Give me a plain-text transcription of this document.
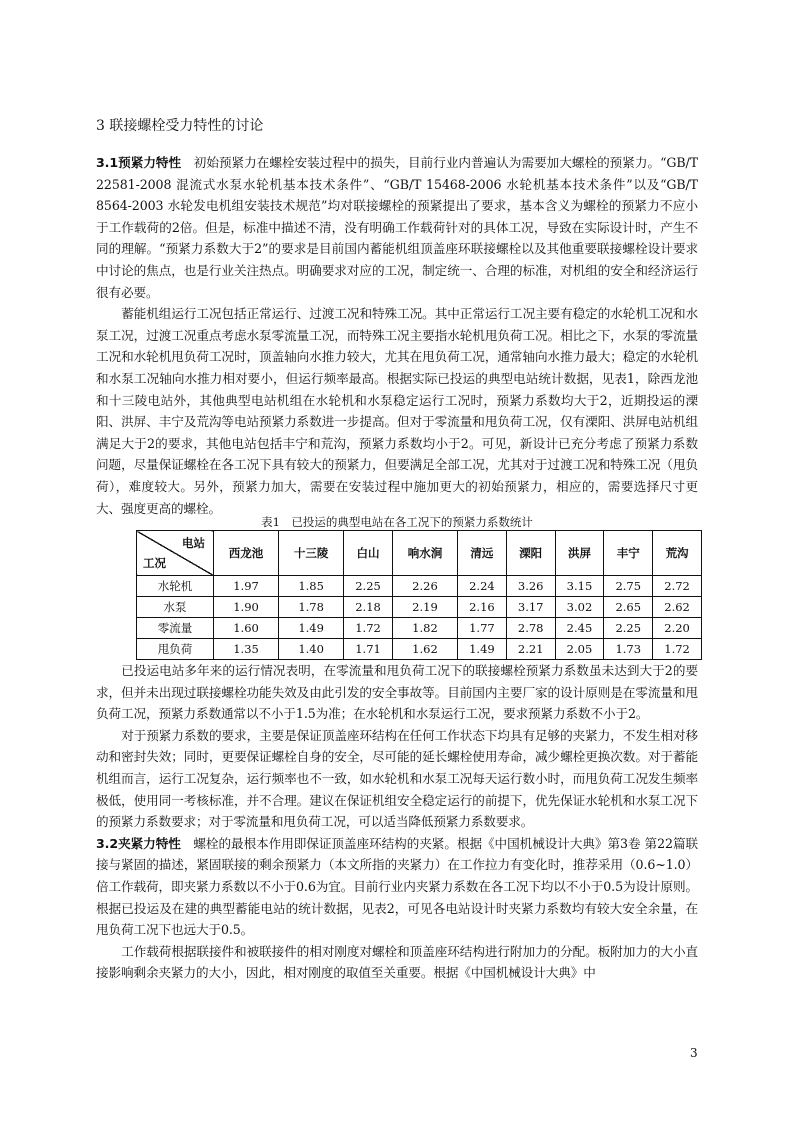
3 联接螺栓受力特性的讨论

3.1预紧力特性　 初始预紧力在螺栓安装过程中的损失，目前行业内普遍认为需要加大螺栓的预紧力。“GB/T 22581-2008 混流式水泵水轮机基本技术条件”、“GB/T 15468-2006 水轮机基本技术条件”以及“GB/T 8564-2003 水轮发电机组安装技术规范”均对联接螺栓的预紧提出了要求，基本含义为螺栓的预紧力不应小于工作载荷的2倍。但是，标准中描述不清，没有明确工作载荷针对的具体工况，导致在实际设计时，产生不同的理解。“预紧力系数大于2”的要求是目前国内蓄能机组顶盖座环联接螺栓以及其他重要联接螺栓设计要求中讨论的焦点，也是行业关注热点。明确要求对应的工况，制定统一、合理的标准，对机组的安全和经济运行很有必要。

蓄能机组运行工况包括正常运行、过渡工况和特殊工况。其中正常运行工况主要有稳定的水轮机工况和水泵工况，过渡工况重点考虑水泵零流量工况，而特殊工况主要指水轮机甩负荷工况。相比之下，水泵的零流量工况和水轮机甩负荷工况时，顶盖轴向水推力较大，尤其在甩负荷工况，通常轴向水推力最大；稳定的水轮机和水泵工况轴向水推力相对要小，但运行频率最高。根据实际已投运的典型电站统计数据，见表1，除西龙池和十三陵电站外，其他典型电站机组在水轮机和水泵稳定运行工况时，预紧力系数均大于2，近期投运的溧阳、洪屏、丰宁及荒沟等电站预紧力系数进一步提高。但对于零流量和甩负荷工况，仅有溧阳、洪屏电站机组满足大于2的要求，其他电站包括丰宁和荒沟，预紧力系数均小于2。可见，新设计已充分考虑了预紧力系数问题，尽量保证螺栓在各工况下具有较大的预紧力，但要满足全部工况，尤其对于过渡工况和特殊工况（甩负荷），难度较大。另外，预紧力加大，需要在安装过程中施加更大的初始预紧力，相应的，需要选择尺寸更大、强度更高的螺栓。

表1　已投运的典型电站在各工况下的预紧力系数统计
电站
工况	西龙池	十三陵	白山	响水涧	清远	溧阳	洪屏	丰宁	荒沟
水轮机	1.97	1.85	2.25	2.26	2.24	3.26	3.15	2.75	2.72
水泵	1.90	1.78	2.18	2.19	2.16	3.17	3.02	2.65	2.62
零流量	1.60	1.49	1.72	1.82	1.77	2.78	2.45	2.25	2.20
甩负荷	1.35	1.40	1.71	1.62	1.49	2.21	2.05	1.73	1.72

已投运电站多年来的运行情况表明，在零流量和甩负荷工况下的联接螺栓预紧力系数虽未达到大于2的要求，但并未出现过联接螺栓功能失效及由此引发的安全事故等。目前国内主要厂家的设计原则是在零流量和甩负荷工况，预紧力系数通常以不小于1.5为准；在水轮机和水泵运行工况，要求预紧力系数不小于2。

对于预紧力系数的要求，主要是保证顶盖座环结构在任何工作状态下均具有足够的夹紧力，不发生相对移动和密封失效；同时，更要保证螺栓自身的安全，尽可能的延长螺栓使用寿命，减少螺栓更换次数。对于蓄能机组而言，运行工况复杂，运行频率也不一致，如水轮机和水泵工况每天运行数小时，而甩负荷工况发生频率极低，使用同一考核标准，并不合理。建议在保证机组安全稳定运行的前提下，优先保证水轮机和水泵工况下的预紧力系数要求；对于零流量和甩负荷工况，可以适当降低预紧力系数要求。

3.2夹紧力特性　 螺栓的最根本作用即保证顶盖座环结构的夹紧。根据《中国机械设计大典》第3卷 第22篇联接与紧固的描述，紧固联接的剩余预紧力（本文所指的夹紧力）在工作拉力有变化时，推荐采用（0.6~1.0）倍工作载荷，即夹紧力系数以不小于0.6为宜。目前行业内夹紧力系数在各工况下均以不小于0.5为设计原则。根据已投运及在建的典型蓄能电站的统计数据，见表2，可见各电站设计时夹紧力系数均有较大安全余量，在甩负荷工况下也远大于0.5。

工作载荷根据联接件和被联接件的相对刚度对螺栓和顶盖座环结构进行附加力的分配。板附加力的大小直接影响剩余夹紧力的大小，因此，相对刚度的取值至关重要。根据《中国机械设计大典》中

3
